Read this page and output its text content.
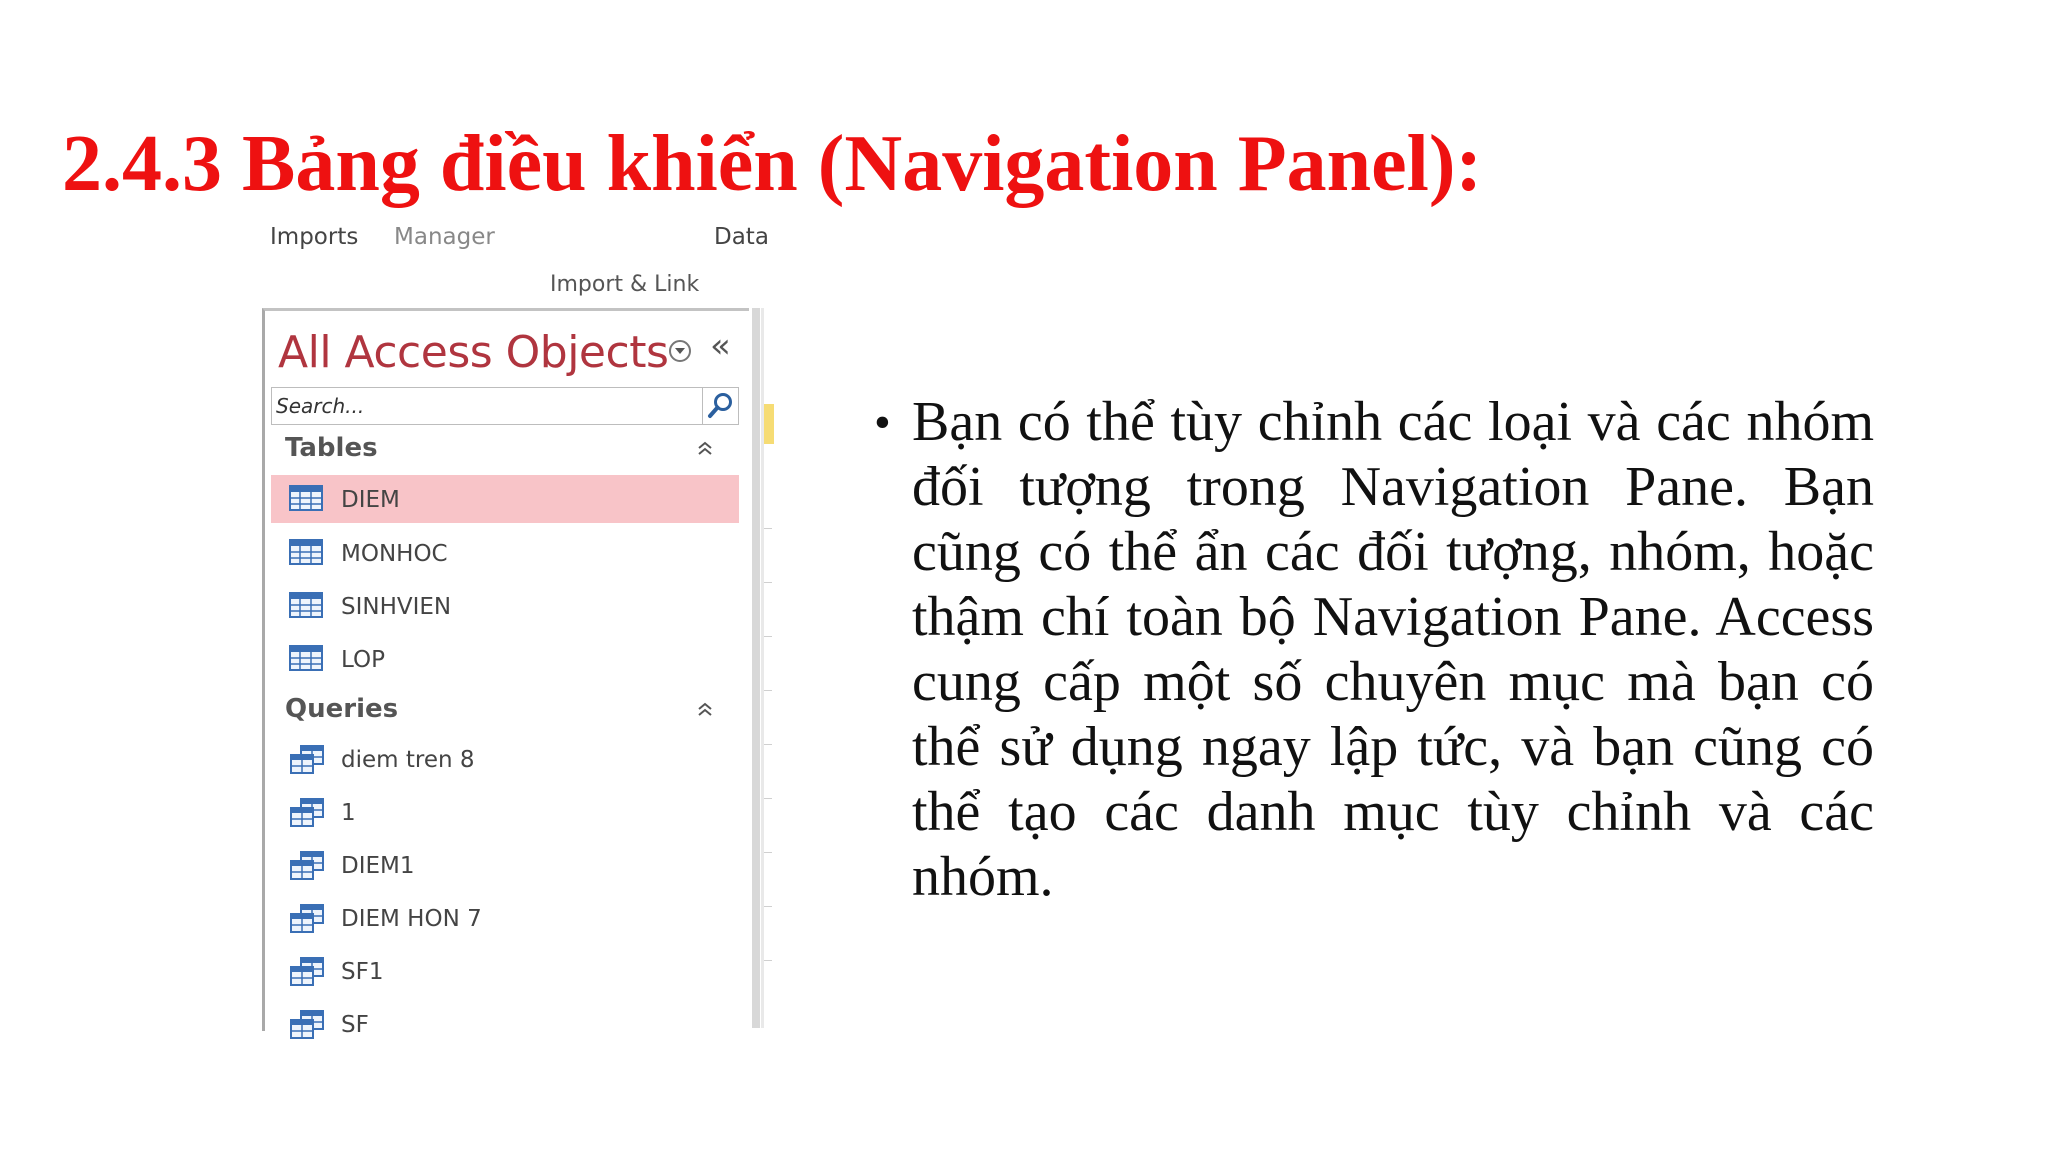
2.4.3 Bảng điều khiển (Navigation Panel):
Imports Manager	Data
Import & Link
All Access Objects «
Search...
Tables
DIEM
MONHOC
SINHVIEN
LOP
Queries
diem tren 8
1
DIEM1
DIEM HON 7
SF1
SF
• Bạn có thể tùy chỉnh các loại và các nhóm đối tượng trong Navigation Pane. Bạn cũng có thể ẩn các đối tượng, nhóm, hoặc thậm chí toàn bộ Navigation Pane. Access cung cấp một số chuyên mục mà bạn có thể sử dụng ngay lập tức, và bạn cũng có thể tạo các danh mục tùy chỉnh và các nhóm.
